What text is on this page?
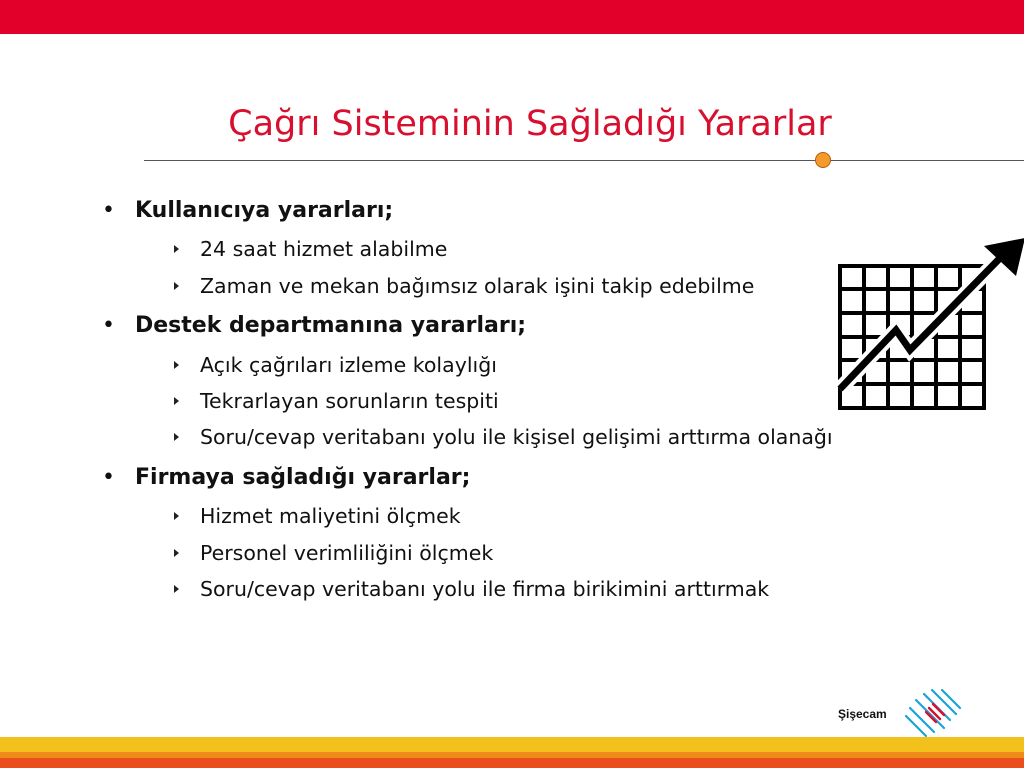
Çağrı Sisteminin Sağladığı Yararlar
• Kullanıcıya yararları;
24 saat hizmet alabilme
Zaman ve mekan bağımsız olarak işini takip edebilme
• Destek departmanına yararları;
Açık çağrıları izleme kolaylığı
Tekrarlayan sorunların tespiti
Soru/cevap veritabanı yolu ile kişisel gelişimi arttırma olanağı
• Firmaya sağladığı yararlar;
Hizmet maliyetini ölçmek
Personel verimliliğini ölçmek
Soru/cevap veritabanı yolu ile firma birikimini arttırmak
Şişecam
